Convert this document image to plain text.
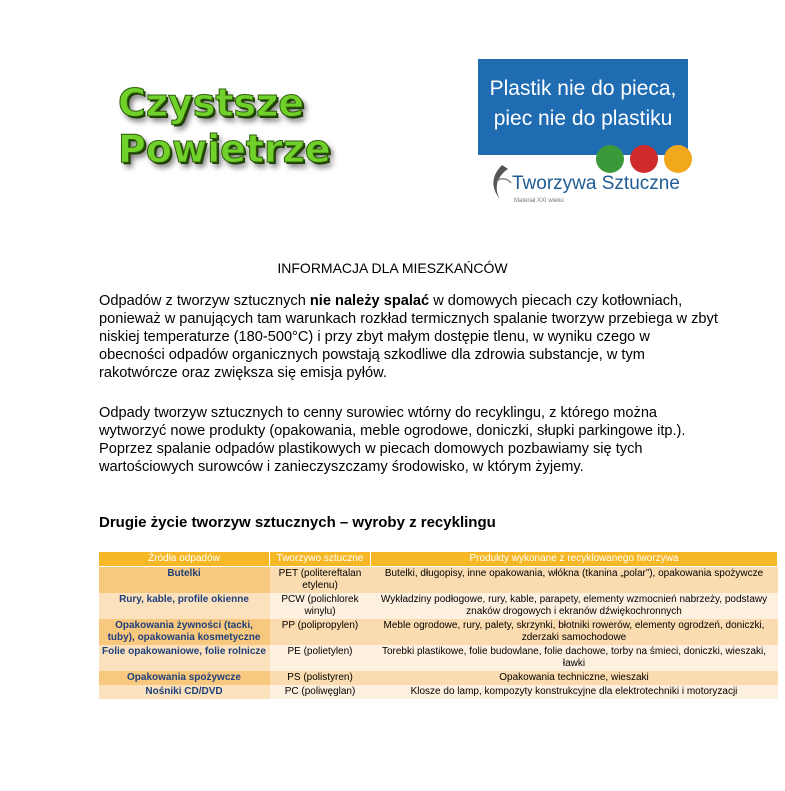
Czystsze
Powietrze
Plastik nie do pieca,
piec nie do plastiku
Tworzywa Sztuczne
Materiał XXI wieku
INFORMACJA DLA MIESZKAŃCÓW

Odpadów z tworzyw sztucznych nie należy spalać w domowych piecach czy kotłowniach, ponieważ w panujących tam warunkach rozkład termicznych spalanie tworzyw przebiega w zbyt niskiej temperaturze (180-500°C) i przy zbyt małym dostępie tlenu, w wyniku czego w obecności odpadów organicznych powstają szkodliwe dla zdrowia substancje, w tym rakotwórcze oraz zwiększa się emisja pyłów.

Odpady tworzyw sztucznych to cenny surowiec wtórny do recyklingu, z którego można wytworzyć nowe produkty (opakowania, meble ogrodowe, doniczki, słupki parkingowe itp.). Poprzez spalanie odpadów plastikowych w piecach domowych pozbawiamy się tych wartościowych surowców i zanieczyszczamy środowisko, w którym żyjemy.

Drugie życie tworzyw sztucznych – wyroby z recyklingu
Źródła odpadów	Tworzywo sztuczne	Produkty wykonane z recyklowanego tworzywa
Butelki	PET (politereftalan etylenu)	Butelki, długopisy, inne opakowania, włókna (tkanina „polar”), opakowania spożywcze
Rury, kable, profile okienne	PCW (polichlorek winylu)	Wykładziny podłogowe, rury, kable, parapety, elementy wzmocnień nabrzeży, podstawy znaków drogowych i ekranów dźwiękochronnych
Opakowania żywności (tacki, tuby), opakowania kosmetyczne	PP (polipropylen)	Meble ogrodowe, rury, palety, skrzynki, błotniki rowerów, elementy ogrodzeń, doniczki, zderzaki samochodowe
Folie opakowaniowe, folie rolnicze	PE (polietylen)	Torebki plastikowe, folie budowlane, folie dachowe, torby na śmieci, doniczki, wieszaki, ławki
Opakowania spożywcze	PS (polistyren)	Opakowania techniczne, wieszaki
Nośniki CD/DVD	PC (poliwęglan)	Klosze do lamp, kompozyty konstrukcyjne dla elektrotechniki i motoryzacji
